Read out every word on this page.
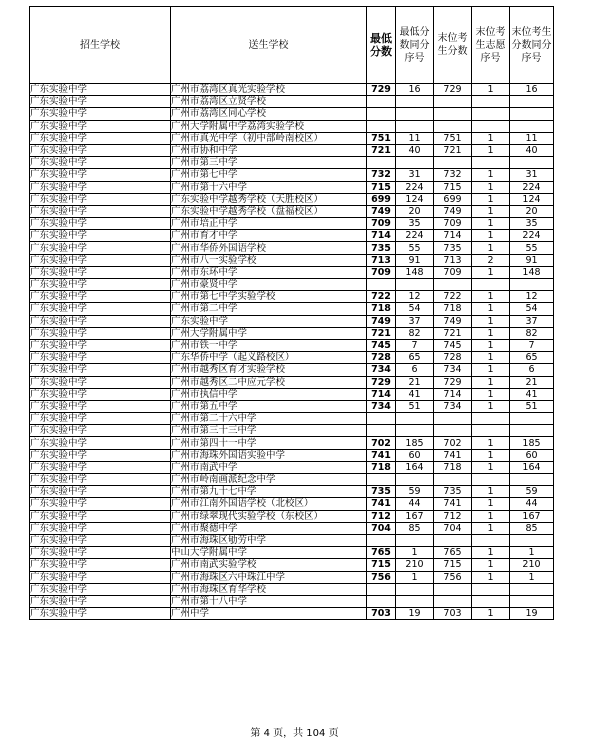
招生学校	送生学校	最低分数	最低分数同分序号	末位考生分数	末位考生志愿序号	末位考生分数同分序号
广东实验中学	广州市荔湾区真光实验学校	729	16	729	1	16
广东实验中学	广州市荔湾区立贤学校					
广东实验中学	广州市荔湾区同心学校					
广东实验中学	广州大学附属中学荔湾实验学校					
广东实验中学	广州市真光中学（初中部岭南校区）	751	11	751	1	11
广东实验中学	广州市协和中学	721	40	721	1	40
广东实验中学	广州市第三中学					
广东实验中学	广州市第七中学	732	31	732	1	31
广东实验中学	广州市第十六中学	715	224	715	1	224
广东实验中学	广东实验中学越秀学校（天胜校区）	699	124	699	1	124
广东实验中学	广东实验中学越秀学校（盘福校区）	749	20	749	1	20
广东实验中学	广州市培正中学	709	35	709	1	35
广东实验中学	广州市育才中学	714	224	714	1	224
广东实验中学	广州市华侨外国语学校	735	55	735	1	55
广东实验中学	广州市八一实验学校	713	91	713	2	91
广东实验中学	广州市东环中学	709	148	709	1	148
广东实验中学	广州市豪贤中学					
广东实验中学	广州市第七中学实验学校	722	12	722	1	12
广东实验中学	广州市第二中学	718	54	718	1	54
广东实验中学	广东实验中学	749	37	749	1	37
广东实验中学	广州大学附属中学	721	82	721	1	82
广东实验中学	广州市铁一中学	745	7	745	1	7
广东实验中学	广东华侨中学（起义路校区）	728	65	728	1	65
广东实验中学	广州市越秀区育才实验学校	734	6	734	1	6
广东实验中学	广州市越秀区二中应元学校	729	21	729	1	21
广东实验中学	广州市执信中学	714	41	714	1	41
广东实验中学	广州市第五中学	734	51	734	1	51
广东实验中学	广州市第二十六中学					
广东实验中学	广州市第三十三中学					
广东实验中学	广州市第四十一中学	702	185	702	1	185
广东实验中学	广州市海珠外国语实验中学	741	60	741	1	60
广东实验中学	广州市南武中学	718	164	718	1	164
广东实验中学	广州市岭南画派纪念中学					
广东实验中学	广州市第九十七中学	735	59	735	1	59
广东实验中学	广州市江南外国语学校（北校区）	741	44	741	1	44
广东实验中学	广州市绿翠现代实验学校（东校区）	712	167	712	1	167
广东实验中学	广州市聚德中学	704	85	704	1	85
广东实验中学	广州市海珠区劬劳中学					
广东实验中学	中山大学附属中学	765	1	765	1	1
广东实验中学	广州市南武实验学校	715	210	715	1	210
广东实验中学	广州市海珠区六中珠江中学	756	1	756	1	1
广东实验中学	广州市海珠区育华学校					
广东实验中学	广州市第十八中学					
广东实验中学	广州中学	703	19	703	1	19
第 4 页，共 104 页
